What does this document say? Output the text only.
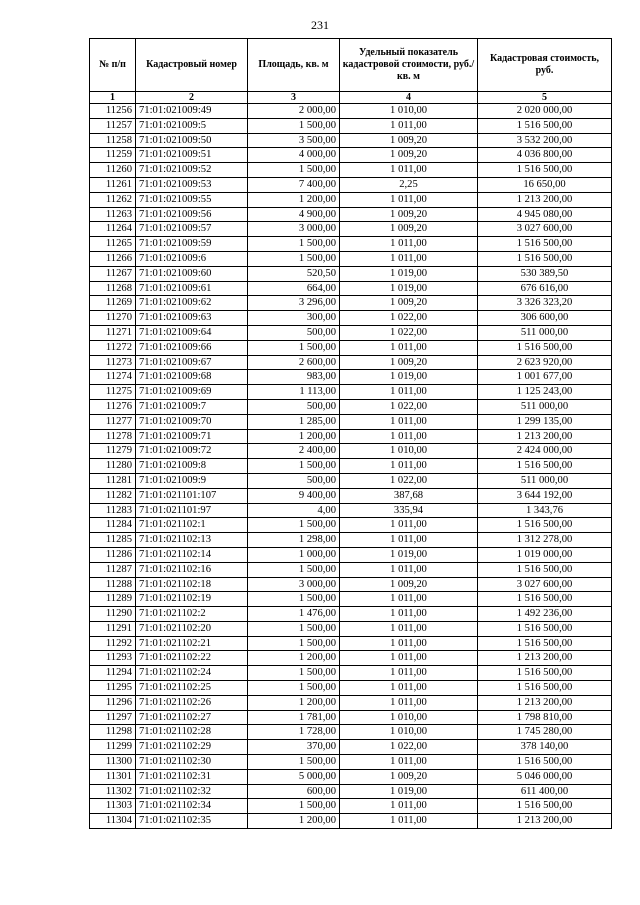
231
№ п/п	Кадастровый номер	Площадь, кв. м	Удельный показатель кадастровой стоимости, руб./кв. м	Кадастровая стоимость, руб.
1	2	3	4	5
11256	71:01:021009:49	2 000,00	1 010,00	2 020 000,00
11257	71:01:021009:5	1 500,00	1 011,00	1 516 500,00
11258	71:01:021009:50	3 500,00	1 009,20	3 532 200,00
11259	71:01:021009:51	4 000,00	1 009,20	4 036 800,00
11260	71:01:021009:52	1 500,00	1 011,00	1 516 500,00
11261	71:01:021009:53	7 400,00	2,25	16 650,00
11262	71:01:021009:55	1 200,00	1 011,00	1 213 200,00
11263	71:01:021009:56	4 900,00	1 009,20	4 945 080,00
11264	71:01:021009:57	3 000,00	1 009,20	3 027 600,00
11265	71:01:021009:59	1 500,00	1 011,00	1 516 500,00
11266	71:01:021009:6	1 500,00	1 011,00	1 516 500,00
11267	71:01:021009:60	520,50	1 019,00	530 389,50
11268	71:01:021009:61	664,00	1 019,00	676 616,00
11269	71:01:021009:62	3 296,00	1 009,20	3 326 323,20
11270	71:01:021009:63	300,00	1 022,00	306 600,00
11271	71:01:021009:64	500,00	1 022,00	511 000,00
11272	71:01:021009:66	1 500,00	1 011,00	1 516 500,00
11273	71:01:021009:67	2 600,00	1 009,20	2 623 920,00
11274	71:01:021009:68	983,00	1 019,00	1 001 677,00
11275	71:01:021009:69	1 113,00	1 011,00	1 125 243,00
11276	71:01:021009:7	500,00	1 022,00	511 000,00
11277	71:01:021009:70	1 285,00	1 011,00	1 299 135,00
11278	71:01:021009:71	1 200,00	1 011,00	1 213 200,00
11279	71:01:021009:72	2 400,00	1 010,00	2 424 000,00
11280	71:01:021009:8	1 500,00	1 011,00	1 516 500,00
11281	71:01:021009:9	500,00	1 022,00	511 000,00
11282	71:01:021101:107	9 400,00	387,68	3 644 192,00
11283	71:01:021101:97	4,00	335,94	1 343,76
11284	71:01:021102:1	1 500,00	1 011,00	1 516 500,00
11285	71:01:021102:13	1 298,00	1 011,00	1 312 278,00
11286	71:01:021102:14	1 000,00	1 019,00	1 019 000,00
11287	71:01:021102:16	1 500,00	1 011,00	1 516 500,00
11288	71:01:021102:18	3 000,00	1 009,20	3 027 600,00
11289	71:01:021102:19	1 500,00	1 011,00	1 516 500,00
11290	71:01:021102:2	1 476,00	1 011,00	1 492 236,00
11291	71:01:021102:20	1 500,00	1 011,00	1 516 500,00
11292	71:01:021102:21	1 500,00	1 011,00	1 516 500,00
11293	71:01:021102:22	1 200,00	1 011,00	1 213 200,00
11294	71:01:021102:24	1 500,00	1 011,00	1 516 500,00
11295	71:01:021102:25	1 500,00	1 011,00	1 516 500,00
11296	71:01:021102:26	1 200,00	1 011,00	1 213 200,00
11297	71:01:021102:27	1 781,00	1 010,00	1 798 810,00
11298	71:01:021102:28	1 728,00	1 010,00	1 745 280,00
11299	71:01:021102:29	370,00	1 022,00	378 140,00
11300	71:01:021102:30	1 500,00	1 011,00	1 516 500,00
11301	71:01:021102:31	5 000,00	1 009,20	5 046 000,00
11302	71:01:021102:32	600,00	1 019,00	611 400,00
11303	71:01:021102:34	1 500,00	1 011,00	1 516 500,00
11304	71:01:021102:35	1 200,00	1 011,00	1 213 200,00
